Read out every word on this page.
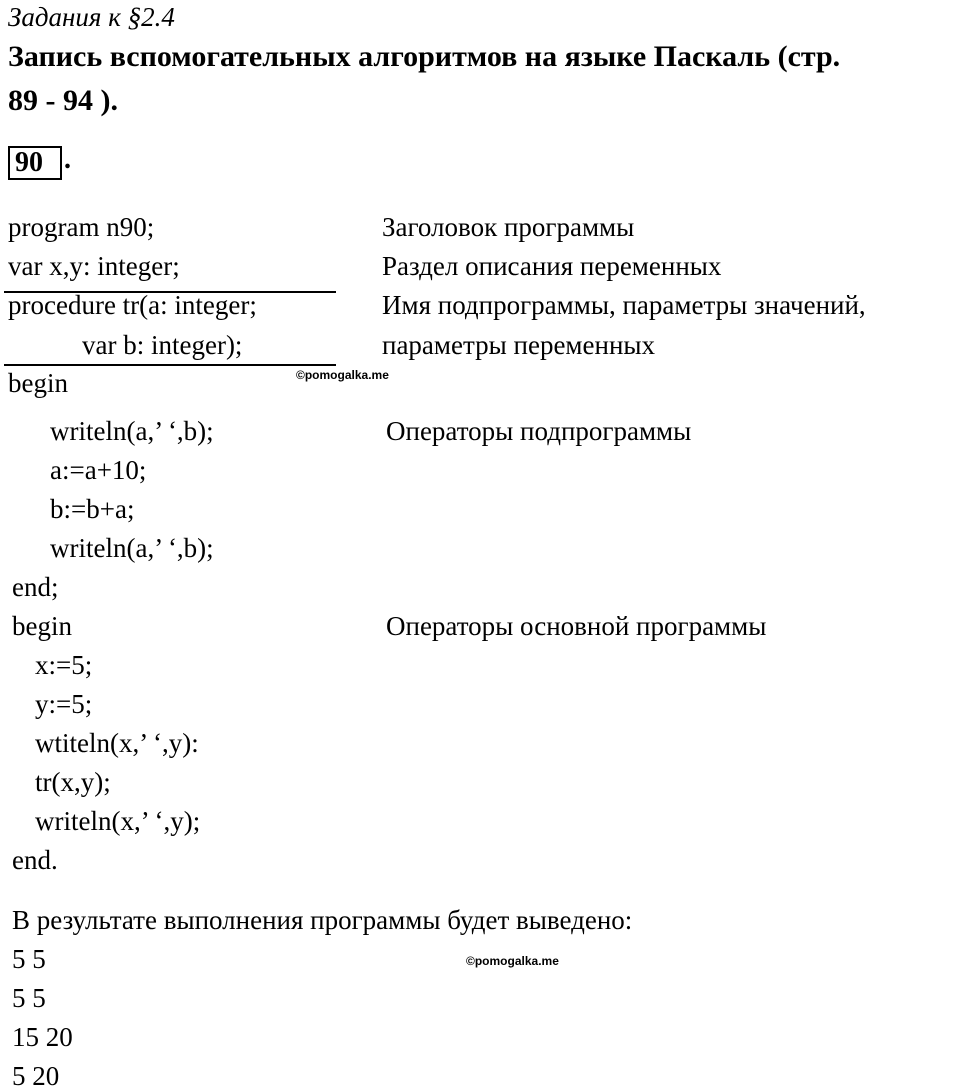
Задания к §2.4
Запись вспомогательных алгоритмов на языке Паскаль (стр.
89 - 94 ).
90 .
program n90;
var x,y: integer;
procedure tr(a: integer;
var b: integer);
begin
writeln(a,’ ‘,b);
a:=a+10;
b:=b+a;
writeln(a,’ ‘,b);
end;
begin
x:=5;
y:=5;
wtiteln(x,’ ‘,y):
tr(x,y);
writeln(x,’ ‘,y);
end.
Заголовок программы
Раздел описания переменных
Имя подпрограммы, параметры значений,
параметры переменных
Операторы подпрограммы
Операторы основной программы
В результате выполнения программы будет выведено:
5 5
5 5
15 20
5 20
©pomogalka.me
©pomogalka.me
